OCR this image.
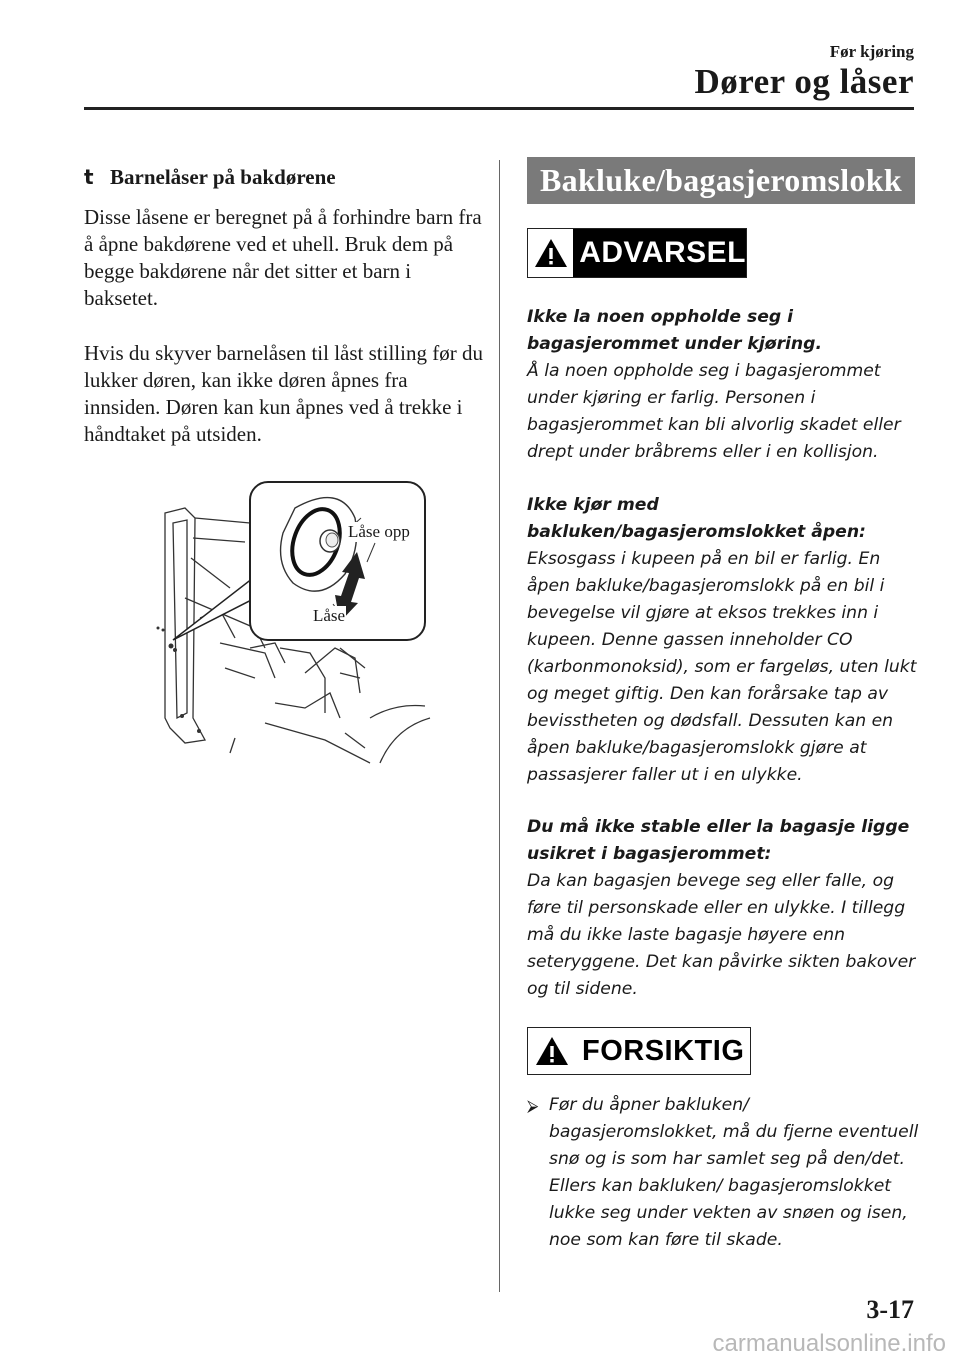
Før kjøring
Dører og låser
t Barnelåser på bakdørene
Disse låsene er beregnet på å forhindre barn fra å åpne bakdørene ved et uhell. Bruk dem på begge bakdørene når det sitter et barn i baksetet.
Hvis du skyver barnelåsen til låst stilling før du lukker døren, kan ikke døren åpnes fra innsiden. Døren kan kun åpnes ved å trekke i håndtaket på utsiden.
Låse opp
Låse
Bakluke/bagasjeromslokk
ADVARSEL
Ikke la noen oppholde seg i bagasjerommet under kjøring.
Å la noen oppholde seg i bagasjerommet under kjøring er farlig. Personen i bagasjerommet kan bli alvorlig skadet eller drept under bråbrems eller i en kollisjon.
Ikke kjør med bakluken/bagasjeromslokket åpen:
Eksosgass i kupeen på en bil er farlig. En åpen bakluke/bagasjeromslokk på en bil i bevegelse vil gjøre at eksos trekkes inn i kupeen. Denne gassen inneholder CO (karbonmonoksid), som er fargeløs, uten lukt og meget giftig. Den kan forårsake tap av bevisstheten og dødsfall. Dessuten kan en åpen bakluke/bagasjeromslokk gjøre at passasjerer faller ut i en ulykke.
Du må ikke stable eller la bagasje ligge usikret i bagasjerommet:
Da kan bagasjen bevege seg eller falle, og føre til personskade eller en ulykke. I tillegg må du ikke laste bagasje høyere enn seteryggene. Det kan påvirke sikten bakover og til sidene.
FORSIKTIG
⮚ Før du åpner bakluken/ bagasjeromslokket, må du fjerne eventuell snø og is som har samlet seg på den/det. Ellers kan bakluken/ bagasjeromslokket lukke seg under vekten av snøen og isen, noe som kan føre til skade.
3-17
carmanualsonline.info
